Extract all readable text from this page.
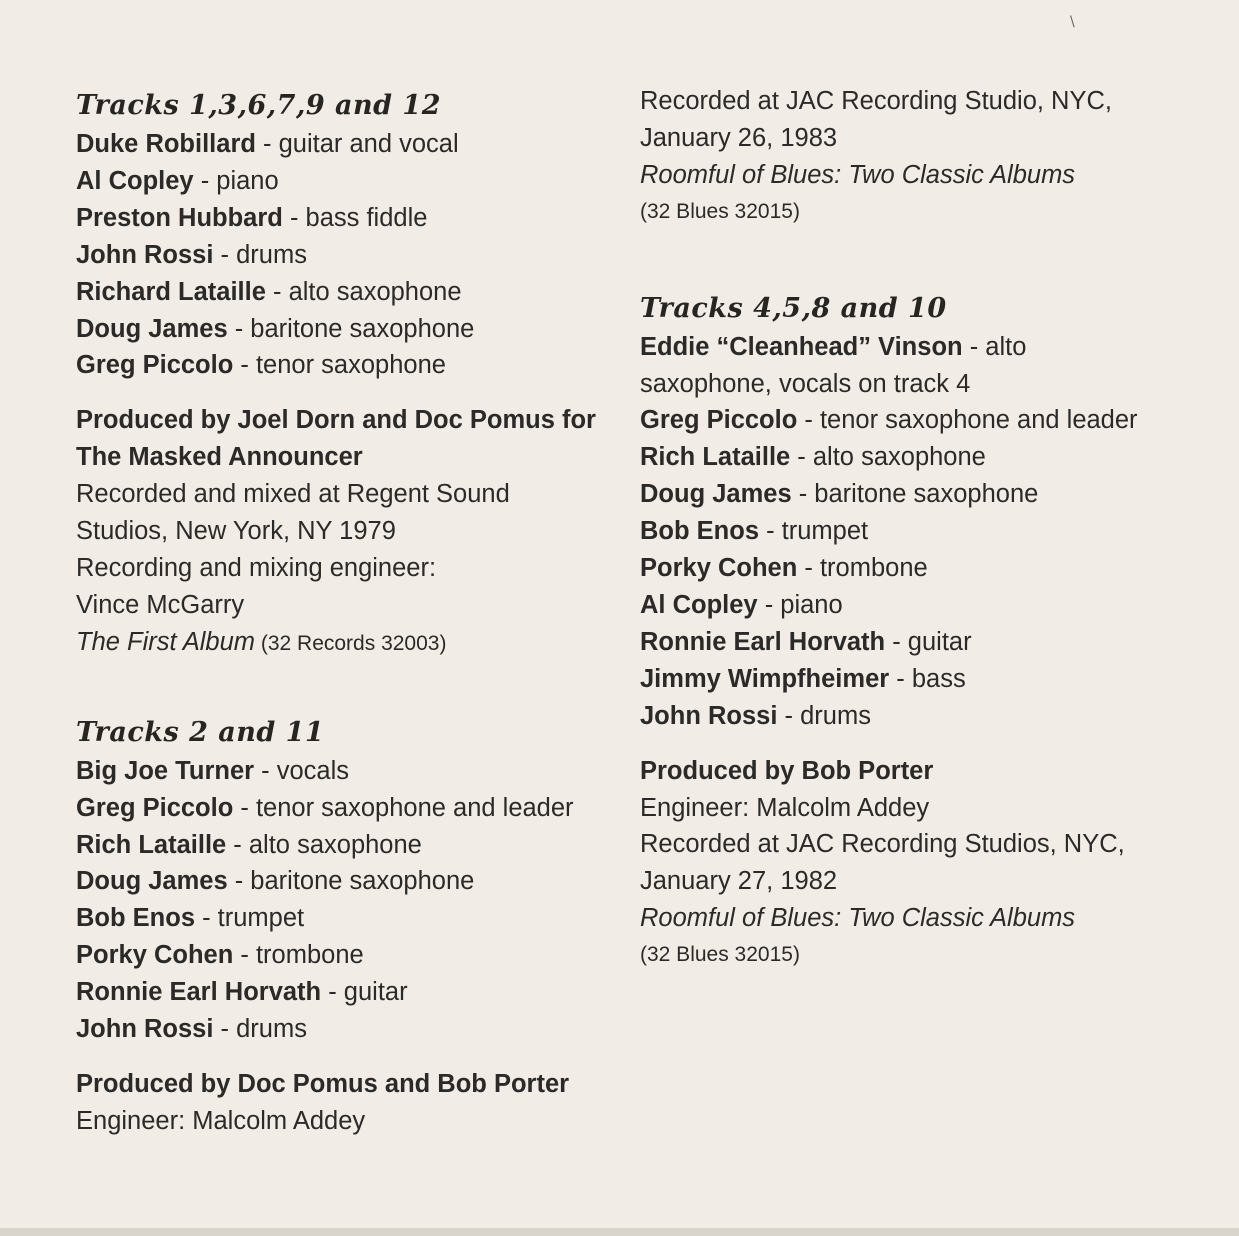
\
Tracks 1,3,6,7,9 and 12
Duke Robillard - guitar and vocal
Al Copley - piano
Preston Hubbard - bass fiddle
John Rossi - drums
Richard Lataille - alto saxophone
Doug James - baritone saxophone
Greg Piccolo - tenor saxophone
Produced by Joel Dorn and Doc Pomus for
The Masked Announcer
Recorded and mixed at Regent Sound
Studios, New York, NY 1979
Recording and mixing engineer:
Vince McGarry
The First Album (32 Records 32003)
Tracks 2 and 11
Big Joe Turner - vocals
Greg Piccolo - tenor saxophone and leader
Rich Lataille - alto saxophone
Doug James - baritone saxophone
Bob Enos - trumpet
Porky Cohen - trombone
Ronnie Earl Horvath - guitar
John Rossi - drums
Produced by Doc Pomus and Bob Porter
Engineer: Malcolm Addey
Recorded at JAC Recording Studio, NYC,
January 26, 1983
Roomful of Blues: Two Classic Albums
(32 Blues 32015)
Tracks 4,5,8 and 10
Eddie “Cleanhead” Vinson - alto
saxophone, vocals on track 4
Greg Piccolo - tenor saxophone and leader
Rich Lataille - alto saxophone
Doug James - baritone saxophone
Bob Enos - trumpet
Porky Cohen - trombone
Al Copley - piano
Ronnie Earl Horvath - guitar
Jimmy Wimpfheimer - bass
John Rossi - drums
Produced by Bob Porter
Engineer: Malcolm Addey
Recorded at JAC Recording Studios, NYC,
January 27, 1982
Roomful of Blues: Two Classic Albums
(32 Blues 32015)
